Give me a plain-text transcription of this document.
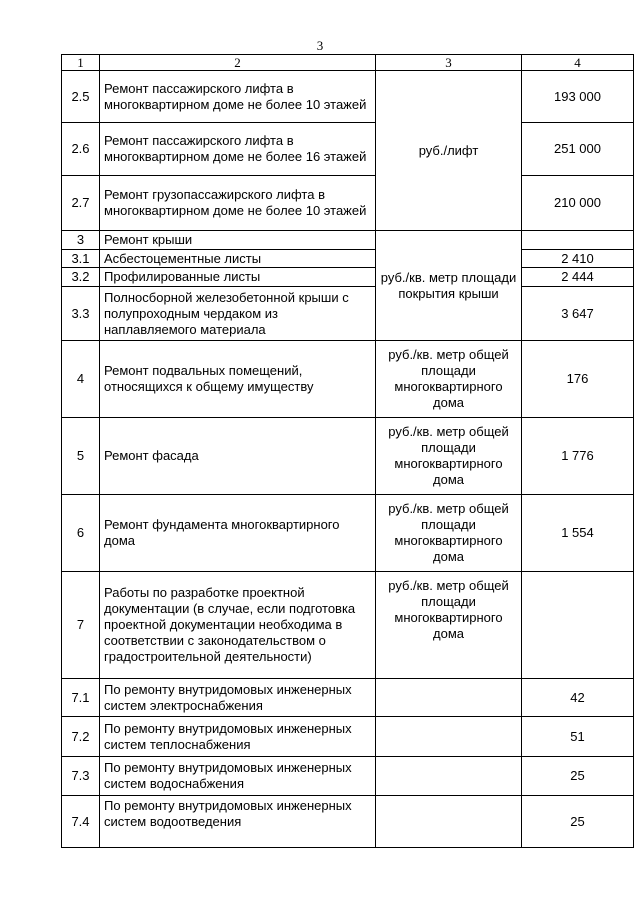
3
1	2	3	4
2.5	Ремонт пассажирского лифта в многоквартирном доме не более 10 этажей	руб./лифт	193 000
2.6	Ремонт пассажирского лифта в многоквартирном доме не более 16 этажей		251 000
2.7	Ремонт грузопассажирского лифта в многоквартирном доме не более 10 этажей		210 000
3	Ремонт крыши	руб./кв. метр площади покрытия крыши	
3.1	Асбестоцементные листы		2 410
3.2	Профилированные листы		2 444
3.3	Полносборной железобетонной крыши с полупроходным чердаком из наплавляемого материала		3 647
4	Ремонт подвальных помещений, относящихся к общему имуществу	руб./кв. метр общей площади многоквартирного дома	176
5	Ремонт фасада	руб./кв. метр общей площади многоквартирного дома	1 776
6	Ремонт фундамента многоквартирного дома	руб./кв. метр общей площади многоквартирного дома	1 554
7	Работы по разработке проектной документации (в случае, если подготовка проектной документации необходима в соответствии с законодательством о градостроительной деятельности)	руб./кв. метр общей площади многоквартирного дома	
7.1	По ремонту внутридомовых инженерных систем электроснабжения		42
7.2	По ремонту внутридомовых инженерных систем теплоснабжения		51
7.3	По ремонту внутридомовых инженерных систем водоснабжения		25
7.4	По ремонту внутридомовых инженерных систем водоотведения		25
